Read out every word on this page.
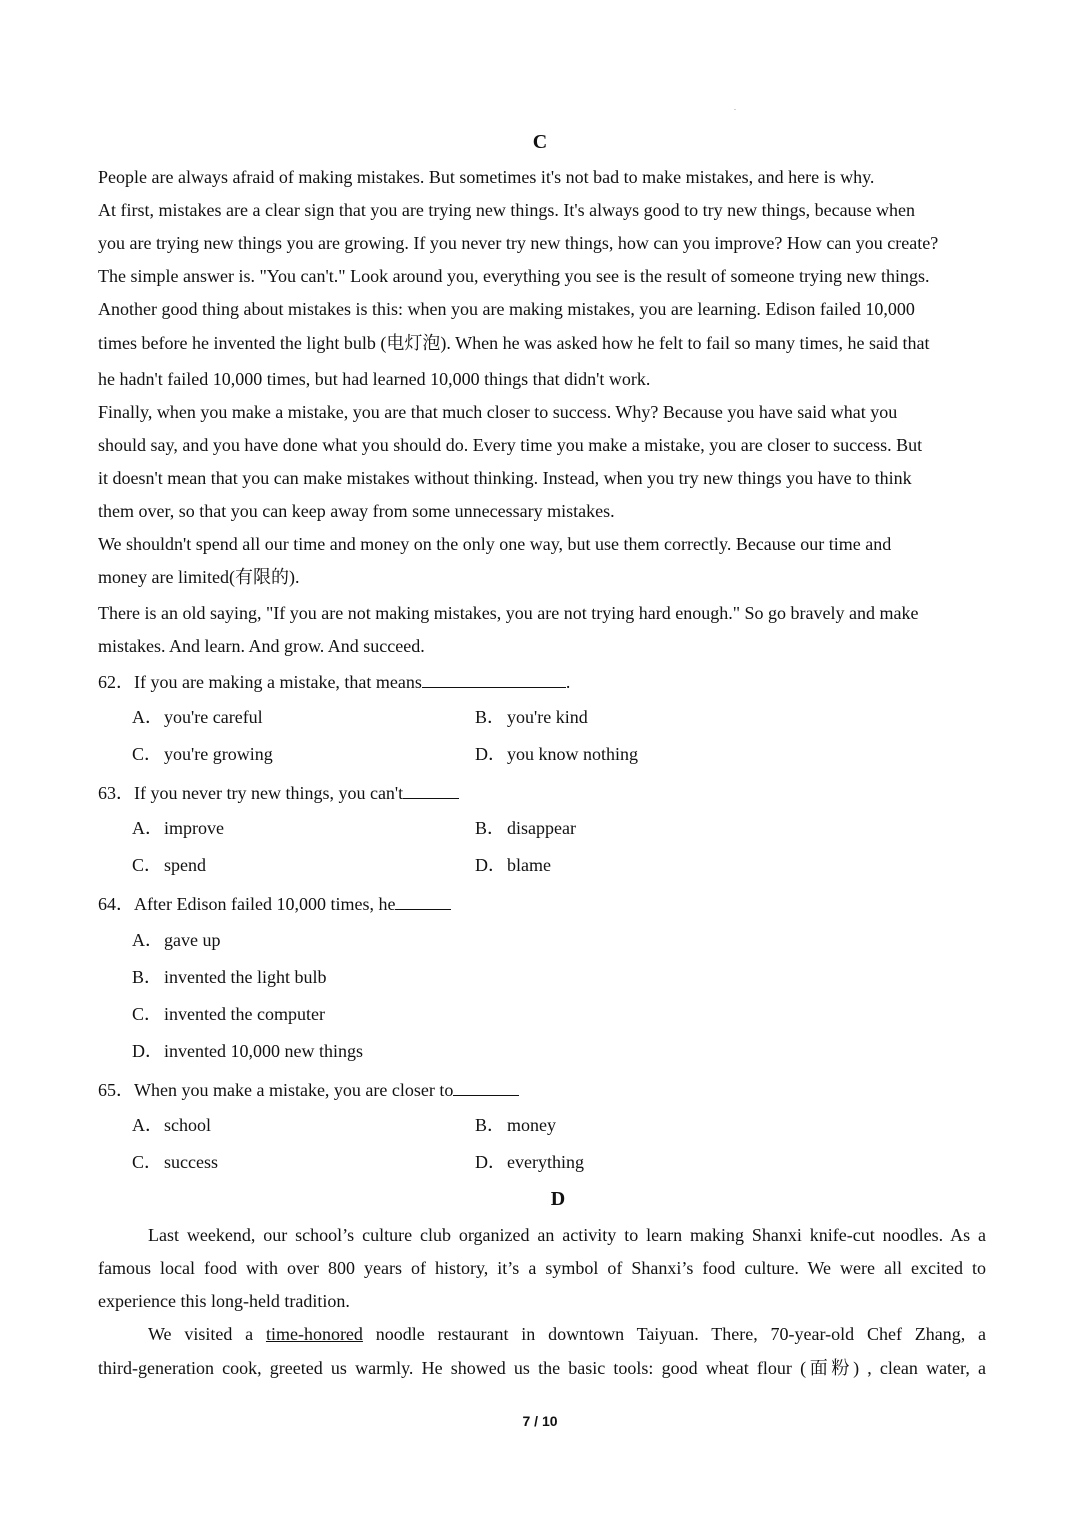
.
C
People are always afraid of making mistakes. But sometimes it's not bad to make mistakes, and here is why.
At first, mistakes are a clear sign that you are trying new things. It's always good to try new things, because when
you are trying new things you are growing. If you never try new things, how can you improve? How can you create?
The simple answer is. "You can't." Look around you, everything you see is the result of someone trying new things.
Another good thing about mistakes is this: when you are making mistakes, you are learning. Edison failed 10,000
times before he invented the light bulb (电灯泡). When he was asked how he felt to fail so many times, he said that
he hadn't failed 10,000 times, but had learned 10,000 things that didn't work.
Finally, when you make a mistake, you are that much closer to success. Why? Because you have said what you
should say, and you have done what you should do. Every time you make a mistake, you are closer to success. But
it doesn't mean that you can make mistakes without thinking. Instead, when you try new things you have to think
them over, so that you can keep away from some unnecessary mistakes.
We shouldn't spend all our time and money on the only one way, but use them correctly. Because our time and
money are limited(有限的).
There is an old saying, "If you are not making mistakes, you are not trying hard enough." So go bravely and make
mistakes. And learn. And grow. And succeed.
62．If you are making a mistake, that means	.
A．you're careful	B． you're kind
C． you're growing	D．you know nothing
63．If you never try new things, you can't
A．improve	B． disappear
C． spend	D．blame
64．After Edison failed 10,000 times, he
A．gave up
B． invented the light bulb
C． invented the computer
D．invented 10,000 new things
65．When you make a mistake, you are closer to
A．school	B． money
C． success	D．everything
D
Last weekend, our school’s culture club organized an activity to learn making Shanxi knife-cut noodles. As a
famous local food with over 800 years of history, it’s a symbol of Shanxi’s food culture. We were all excited to
experience this long-held tradition.
We visited a time-honored noodle restaurant in downtown Taiyuan. There, 70-year-old Chef Zhang, a
third-generation cook, greeted us warmly. He showed us the basic tools: good wheat flour (面粉) , clean water, a
7 / 10
